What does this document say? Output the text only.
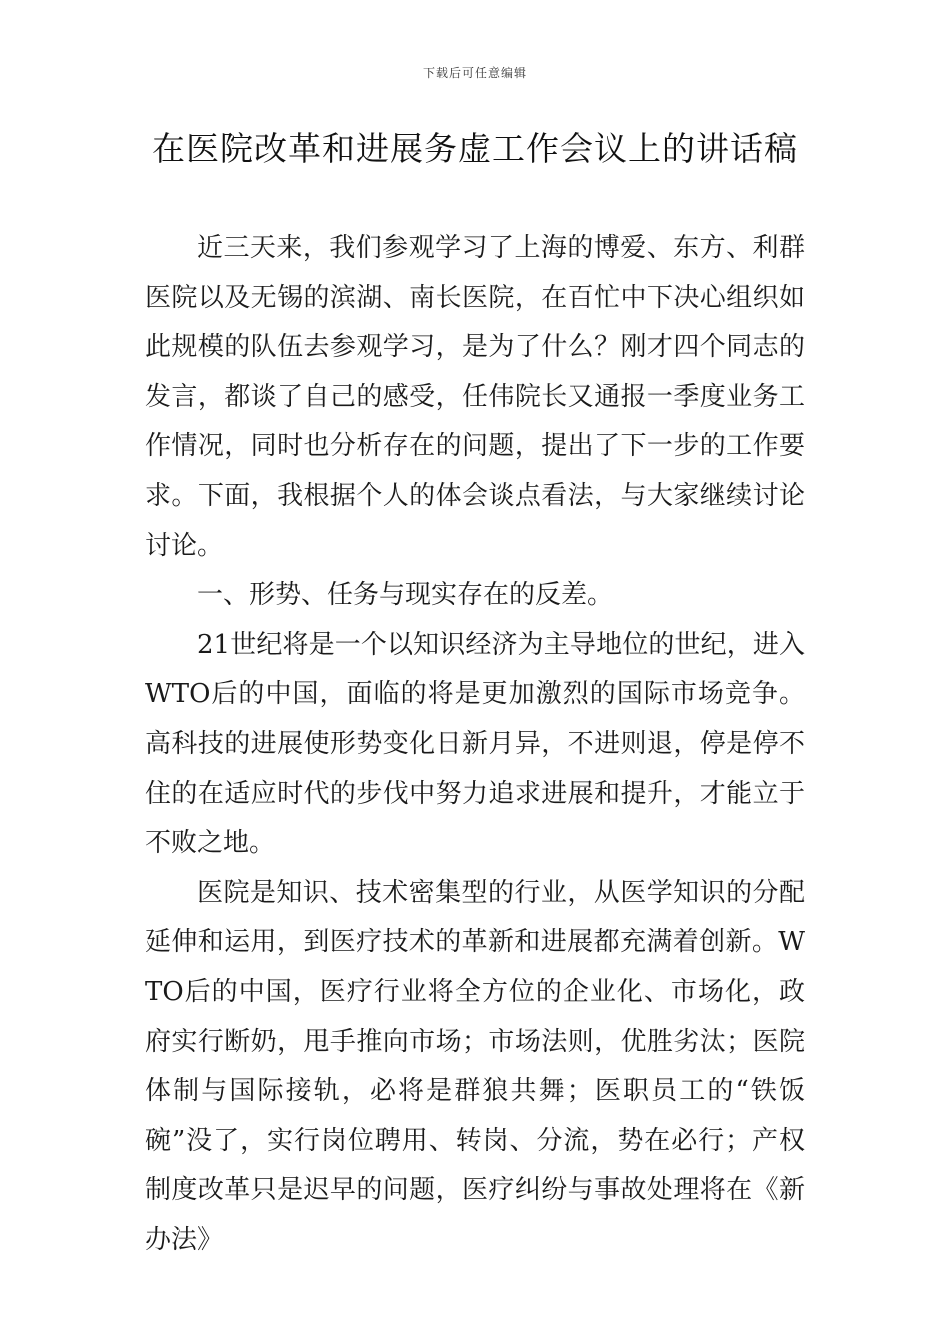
下载后可任意编辑
在医院改革和进展务虚工作会议上的讲话稿

近三天来，我们参观学习了上海的博爱、东方、利群医院以及无锡的滨湖、南长医院，在百忙中下决心组织如此规模的队伍去参观学习，是为了什么？刚才四个同志的发言，都谈了自己的感受，任伟院长又通报一季度业务工作情况，同时也分析存在的问题，提出了下一步的工作要求。下面，我根据个人的体会谈点看法，与大家继续讨论讨论。

一、形势、任务与现实存在的反差。

21世纪将是一个以知识经济为主导地位的世纪，进入WTO后的中国，面临的将是更加激烈的国际市场竞争。高科技的进展使形势变化日新月异，不进则退，停是停不住的在适应时代的步伐中努力追求进展和提升，才能立于不败之地。

医院是知识、技术密集型的行业，从医学知识的分配延伸和运用，到医疗技术的革新和进展都充满着创新。WTO后的中国，医疗行业将全方位的企业化、市场化，政府实行断奶，甩手推向市场；市场法则，优胜劣汰；医院体制与国际接轨，必将是群狼共舞；医职员工的“铁饭碗”没了，实行岗位聘用、转岗、分流，势在必行；产权制度改革只是迟早的问题，医疗纠纷与事故处理将在《新办法》
